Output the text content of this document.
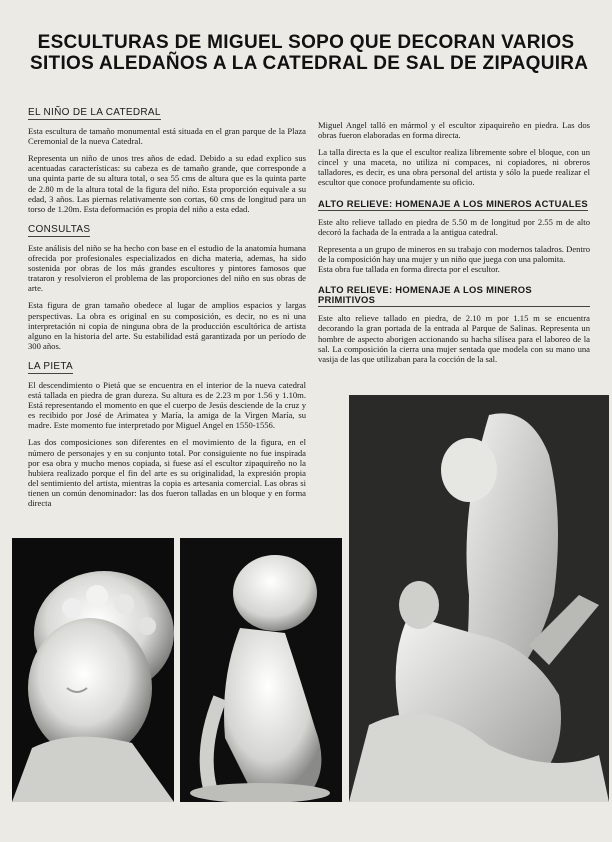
ESCULTURAS DE MIGUEL SOPO QUE DECORAN VARIOS
SITIOS ALEDAÑOS A LA CATEDRAL DE SAL DE ZIPAQUIRA
EL NIÑO DE LA CATEDRAL

Esta escultura de tamaño monumental está situada en el gran parque de la Plaza Ceremonial de la nueva Catedral.

Representa un niño de unos tres años de edad. Debido a su edad explico sus acentuadas características: su cabeza es de tamaño grande, que corresponde a una quinta parte de su altura total, o sea 55 cms de altura que es la quinta parte de 2.80 m de la altura total de la figura del niño. Esta proporción equivale a su edad, 3 años. Las piernas relativamente son cortas, 60 cms de longitud para un torso de 1.20m. Esta deformación es propia del niño a esta edad.

CONSULTAS

Este análisis del niño se ha hecho con base en el estudio de la anatomía humana ofrecida por profesionales especializados en dicha materia, ademas, ha sido sostenida por obras de los más grandes escultores y pintores famosos que trataron y resolvieron el problema de las proporciones del niño en sus obras de arte.

Esta figura de gran tamaño obedece al lugar de amplios espacios y largas perspectivas. La obra es original en su composición, es decir, no es ni una interpretación ni copia de ninguna obra de la producción escultórica de artista alguno en la historia del arte. Su estabilidad está garantizada por un período de 300 años.

LA PIETA

El descendimiento o Pietá que se encuentra en el interior de la nueva catedral está tallada en piedra de gran dureza. Su altura es de 2.23 m por 1.56 y 1.10m. Está representando el momento en que el cuerpo de Jesús desciende de la cruz y es recibido por José de Arimatea y María, la amiga de la Virgen María, su madre. Este momento fue interpretado por Miguel Angel en 1550-1556.

Las dos composiciones son diferentes en el movimiento de la figura, en el número de personajes y en su conjunto total. Por consiguiente no fue inspirada por esa obra y mucho menos copiada, si fuese así el escultor zipaquireño no la hubiera realizado porque el fin del arte es su originalidad, la expresión propia del sentimiento del artista, mientras la copia es artesania comercial. Las obras si tienen un común denominador: las dos fueron talladas en un bloque y en forma directa

Miguel Angel talló en mármol y el escultor zipaquireño en piedra. Las dos obras fueron elaboradas en forma directa.

La talla directa es la que el escultor realiza libremente sobre el bloque, con un cincel y una maceta, no utiliza ni compaces, ni copiadores, ni obreros talladores, es decir, es una obra personal del artista y sólo la puede realizar el escultor que conoce profundamente su oficio.

ALTO RELIEVE: HOMENAJE A LOS MINEROS ACTUALES

Este alto relieve tallado en piedra de 5.50 m de longitud por 2.55 m de alto decoró la fachada de la entrada a la antigua catedral.

Representa a un grupo de mineros en su trabajo con modernos taladros. Dentro de la composición hay una mujer y un niño que juega con una palomita.

Esta obra fue tallada en forma directa por el escultor.

ALTO RELIEVE: HOMENAJE A LOS MINEROS PRIMITIVOS

Este alto relieve tallado en piedra, de 2.10 m por 1.15 m se encuentra decorando la gran portada de la entrada al Parque de Salinas. Representa un hombre de aspecto aborigen accionando su hacha silísea para el laboreo de la sal. La composición la cierra una mujer sentada que modela con su mano una vasija de las que utilizaban para la cocción de la sal.
